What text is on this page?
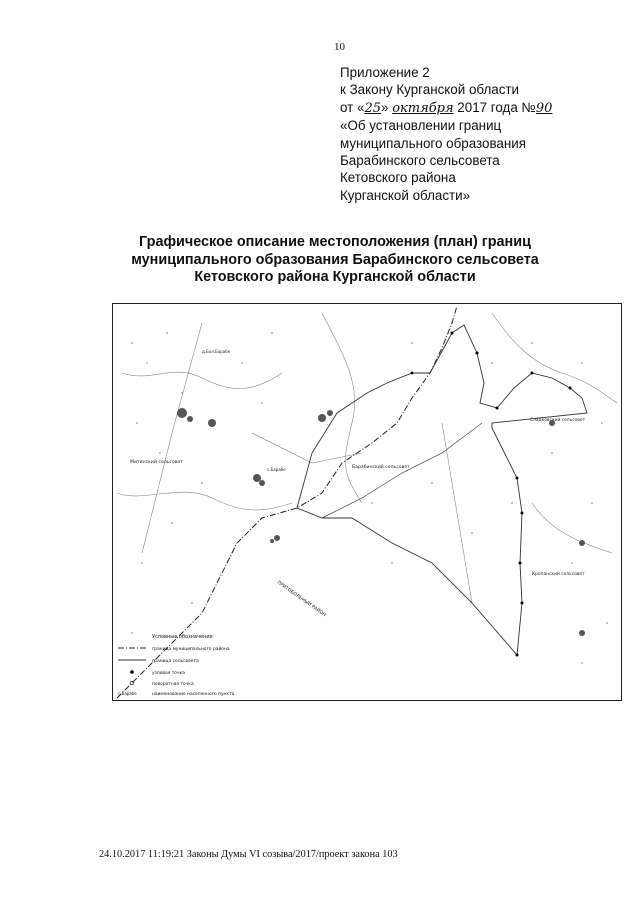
10
Приложение 2
к Закону Курганской области
от «25» октября 2017 года №90
«Об установлении границ
муниципального образования
Барабинского сельсовета
Кетовского района
Курганской области»
Графическое описание местоположения (план) границ
муниципального образования Барабинского сельсовета
Кетовского района Курганской области
Митинский сельсовет
Барабинский сельсовет
Сладковский сельсовет
Кропанский сельсовет
ПРИТОБОЛЬНЫЙ РАЙОН
с.Барабе
д.Бол.Барабе
Условные обозначения
граница муниципального района
граница сельсовета
узловая точка
поворотная точка
с.Барабе	наименование населенного пункта
24.10.2017 11:19:21 Законы Думы VI созыва/2017/проект закона 103
